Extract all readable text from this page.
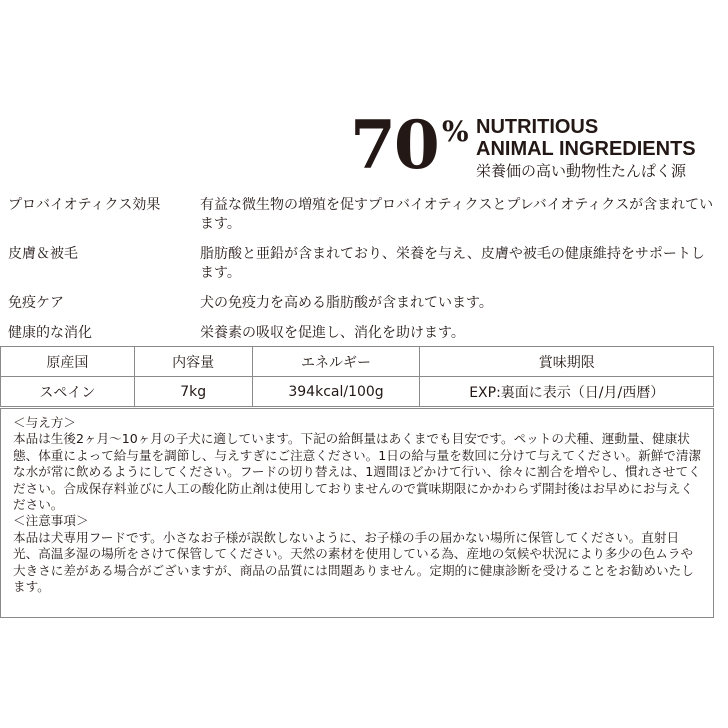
70 % NUTRITIOUS
ANIMAL INGREDIENTS
栄養価の高い動物性たんぱく源
プロバイオティクス効果	有益な微生物の増殖を促すプロバイオティクスとプレバイオティクスが含まれています。
皮膚＆被毛	脂肪酸と亜鉛が含まれており、栄養を与え、皮膚や被毛の健康維持をサポートします。
免疫ケア	犬の免疫力を高める脂肪酸が含まれています。
健康的な消化	栄養素の吸収を促進し、消化を助けます。
原産国	内容量	エネルギー	賞味期限
スペイン	7kg	394kcal/100g	EXP:裏面に表示（日/月/西暦）

＜与え方＞

本品は生後2ヶ月〜10ヶ月の子犬に適しています。下記の給餌量はあくまでも目安です。ペットの犬種、運動量、健康状態、体重によって給与量を調節し、与えすぎにご注意ください。1日の給与量を数回に分けて与えてください。新鮮で清潔な水が常に飲めるようにしてください。フードの切り替えは、1週間ほどかけて行い、徐々に割合を増やし、慣れさせてください。合成保存料並びに人工の酸化防止剤は使用しておりませんので賞味期限にかかわらず開封後はお早めにお与えください。

＜注意事項＞

本品は犬専用フードです。小さなお子様が誤飲しないように、お子様の手の届かない場所に保管してください。直射日光、高温多湿の場所をさけて保管してください。天然の素材を使用している為、産地の気候や状況により多少の色ムラや大きさに差がある場合がございますが、商品の品質には問題ありません。定期的に健康診断を受けることをお勧めいたします。
